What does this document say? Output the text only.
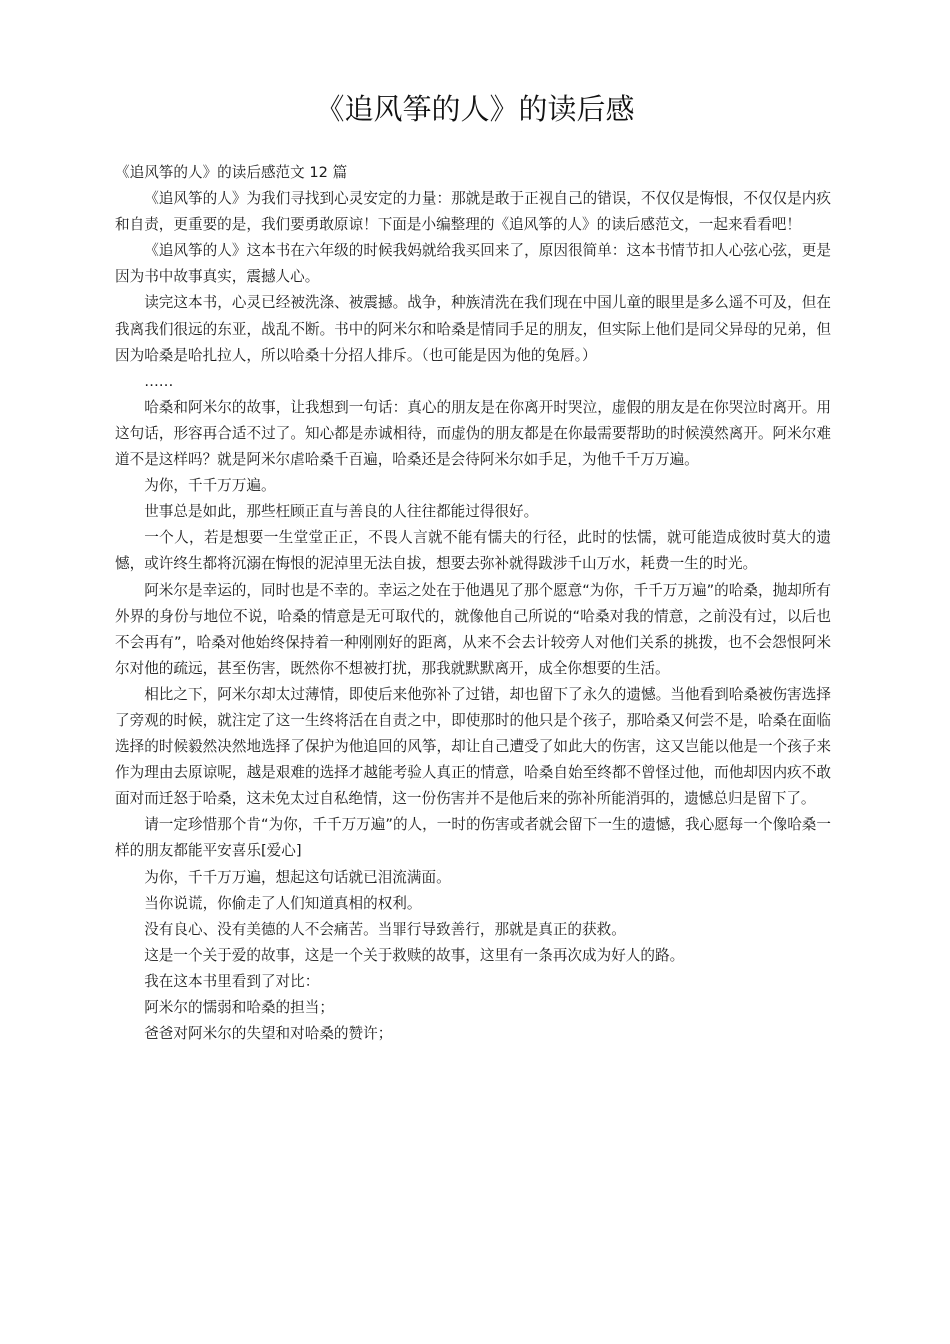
《追风筝的人》的读后感

《追风筝的人》的读后感范文 12 篇

《追风筝的人》为我们寻找到心灵安定的力量：那就是敢于正视自己的错误，不仅仅是悔恨，不仅仅是内疚和自责，更重要的是，我们要勇敢原谅！下面是小编整理的《追风筝的人》的读后感范文，一起来看看吧！

《追风筝的人》这本书在六年级的时候我妈就给我买回来了，原因很简单：这本书情节扣人心弦心弦，更是因为书中故事真实，震撼人心。

读完这本书，心灵已经被洗涤、被震撼。战争，种族清洗在我们现在中国儿童的眼里是多么遥不可及，但在我离我们很远的东亚，战乱不断。书中的阿米尔和哈桑是情同手足的朋友，但实际上他们是同父异母的兄弟，但因为哈桑是哈扎拉人，所以哈桑十分招人排斥。（也可能是因为他的兔唇。）

……

哈桑和阿米尔的故事，让我想到一句话：真心的朋友是在你离开时哭泣，虚假的朋友是在你哭泣时离开。用这句话，形容再合适不过了。知心都是赤诚相待，而虚伪的朋友都是在你最需要帮助的时候漠然离开。阿米尔难道不是这样吗？就是阿米尔虐哈桑千百遍，哈桑还是会待阿米尔如手足，为他千千万万遍。

为你，千千万万遍。

世事总是如此，那些枉顾正直与善良的人往往都能过得很好。

一个人，若是想要一生堂堂正正，不畏人言就不能有懦夫的行径，此时的怯懦，就可能造成彼时莫大的遗憾，或许终生都将沉溺在悔恨的泥淖里无法自拔，想要去弥补就得跋涉千山万水，耗费一生的时光。

阿米尔是幸运的，同时也是不幸的。幸运之处在于他遇见了那个愿意“为你，千千万万遍”的哈桑，抛却所有外界的身份与地位不说，哈桑的情意是无可取代的，就像他自己所说的“哈桑对我的情意，之前没有过，以后也不会再有”，哈桑对他始终保持着一种刚刚好的距离，从来不会去计较旁人对他们关系的挑拨，也不会怨恨阿米尔对他的疏远，甚至伤害，既然你不想被打扰，那我就默默离开，成全你想要的生活。

相比之下，阿米尔却太过薄情，即使后来他弥补了过错，却也留下了永久的遗憾。当他看到哈桑被伤害选择了旁观的时候，就注定了这一生终将活在自责之中，即使那时的他只是个孩子，那哈桑又何尝不是，哈桑在面临选择的时候毅然决然地选择了保护为他追回的风筝，却让自己遭受了如此大的伤害，这又岂能以他是一个孩子来作为理由去原谅呢，越是艰难的选择才越能考验人真正的情意，哈桑自始至终都不曾怪过他，而他却因内疚不敢面对而迁怒于哈桑，这未免太过自私绝情，这一份伤害并不是他后来的弥补所能消弭的，遗憾总归是留下了。

请一定珍惜那个肯“为你，千千万万遍”的人，一时的伤害或者就会留下一生的遗憾，我心愿每一个像哈桑一样的朋友都能平安喜乐[爱心]

为你，千千万万遍，想起这句话就已泪流满面。

当你说谎，你偷走了人们知道真相的权利。

没有良心、没有美德的人不会痛苦。当罪行导致善行，那就是真正的获救。

这是一个关于爱的故事，这是一个关于救赎的故事，这里有一条再次成为好人的路。

我在这本书里看到了对比：

阿米尔的懦弱和哈桑的担当；

爸爸对阿米尔的失望和对哈桑的赞许；
